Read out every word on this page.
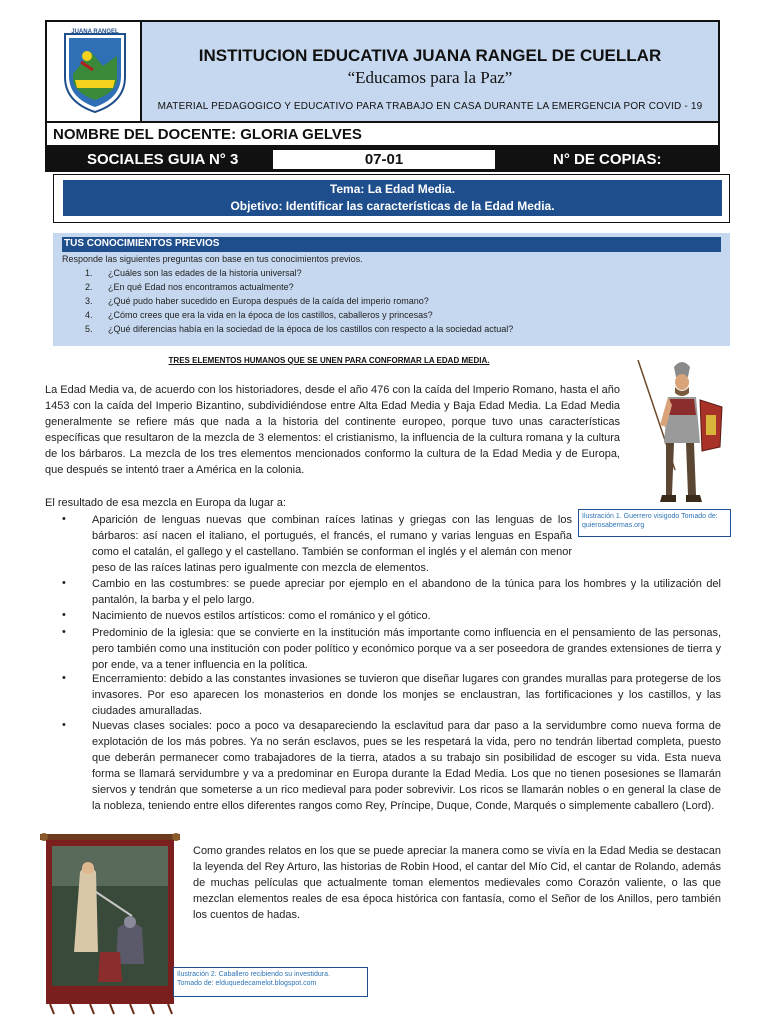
JUANA RANGEL
INSTITUCION EDUCATIVA JUANA RANGEL DE CUELLAR
“Educamos para la Paz”
MATERIAL PEDAGOGICO Y EDUCATIVO PARA TRABAJO EN CASA DURANTE LA EMERGENCIA POR COVID - 19
NOMBRE DEL DOCENTE: GLORIA GELVES
SOCIALES GUIA N° 3	07-01	N° DE COPIAS:
Tema: La Edad Media.
Objetivo: Identificar las características de la Edad Media.
TUS CONOCIMIENTOS PREVIOS
Responde las siguientes preguntas con base en tus conocimientos previos.
1. ¿Cuáles son las edades de la historia universal?
2. ¿En qué Edad nos encontramos actualmente?
3. ¿Qué pudo haber sucedido en Europa después de la caída del imperio romano?
4. ¿Cómo crees que era la vida en la época de los castillos, caballeros y princesas?
5. ¿Qué diferencias había en la sociedad de la época de los castillos con respecto a la sociedad actual?
TRES ELEMENTOS HUMANOS QUE SE UNEN PARA CONFORMAR LA EDAD MEDIA.
La Edad Media va, de acuerdo con los historiadores, desde el año 476 con la caída del Imperio Romano, hasta el año 1453 con la caída del Imperio Bizantino, subdividiéndose entre Alta Edad Media y Baja Edad Media. La Edad Media generalmente se refiere más que nada a la historia del continente europeo, porque tuvo unas características específicas que resultaron de la mezcla de 3 elementos: el cristianismo, la influencia de la cultura romana y la cultura de los bárbaros. La mezcla de los tres elementos mencionados conformo la cultura de la Edad Media y de Europa, que después se intentó traer a América en la colonia.
El resultado de esa mezcla en Europa da lugar a:
• Aparición de lenguas nuevas que combinan raíces latinas y griegas con las lenguas de los bárbaros: así nacen el italiano, el portugués, el francés, el rumano y varias lenguas en España como el catalán, el gallego y el castellano. También se conforman el inglés y el alemán con menor peso de las raíces latinas pero igualmente con mezcla de elementos.
• Cambio en las costumbres: se puede apreciar por ejemplo en el abandono de la túnica para los hombres y la utilización del pantalón, la barba y el pelo largo.
• Nacimiento de nuevos estilos artísticos: como el románico y el gótico.
• Predominio de la iglesia: que se convierte en la institución más importante como influencia en el pensamiento de las personas, pero también como una institución con poder político y económico porque va a ser poseedora de grandes extensiones de tierra y por ende, va a tener influencia en la política.
• Encerramiento: debido a las constantes invasiones se tuvieron que diseñar lugares con grandes murallas para protegerse de los invasores. Por eso aparecen los monasterios en donde los monjes se enclaustran, las fortificaciones y los castillos, y las ciudades amuralladas.
• Nuevas clases sociales: poco a poco va desapareciendo la esclavitud para dar paso a la servidumbre como nueva forma de explotación de los más pobres. Ya no serán esclavos, pues se les respetará la vida, pero no tendrán libertad completa, puesto que deberán permanecer como trabajadores de la tierra, atados a su trabajo sin posibilidad de escoger su vida. Esta nueva forma se llamará servidumbre y va a predominar en Europa durante la Edad Media. Los que no tienen posesiones se llamarán siervos y tendrán que someterse a un rico medieval para poder sobrevivir. Los ricos se llamarán nobles o en general la clase de la nobleza, teniendo entre ellos diferentes rangos como Rey, Príncipe, Duque, Conde, Marqués o simplemente caballero (Lord).
Como grandes relatos en los que se puede apreciar la manera como se vivía en la Edad Media se destacan la leyenda del Rey Arturo, las historias de Robin Hood, el cantar del Mío Cid, el cantar de Rolando, además de muchas películas que actualmente toman elementos medievales como Corazón valiente, o las que mezclan elementos reales de esa época histórica con fantasía, como el Señor de los Anillos, pero también los cuentos de hadas.
Ilustración 1. Guerrero visigodo Tomado de: quierosabermas.org
Ilustración 2. Caballero recibiendo su investidura.
Tomado de: elduquedecamelot.blogspot.com
